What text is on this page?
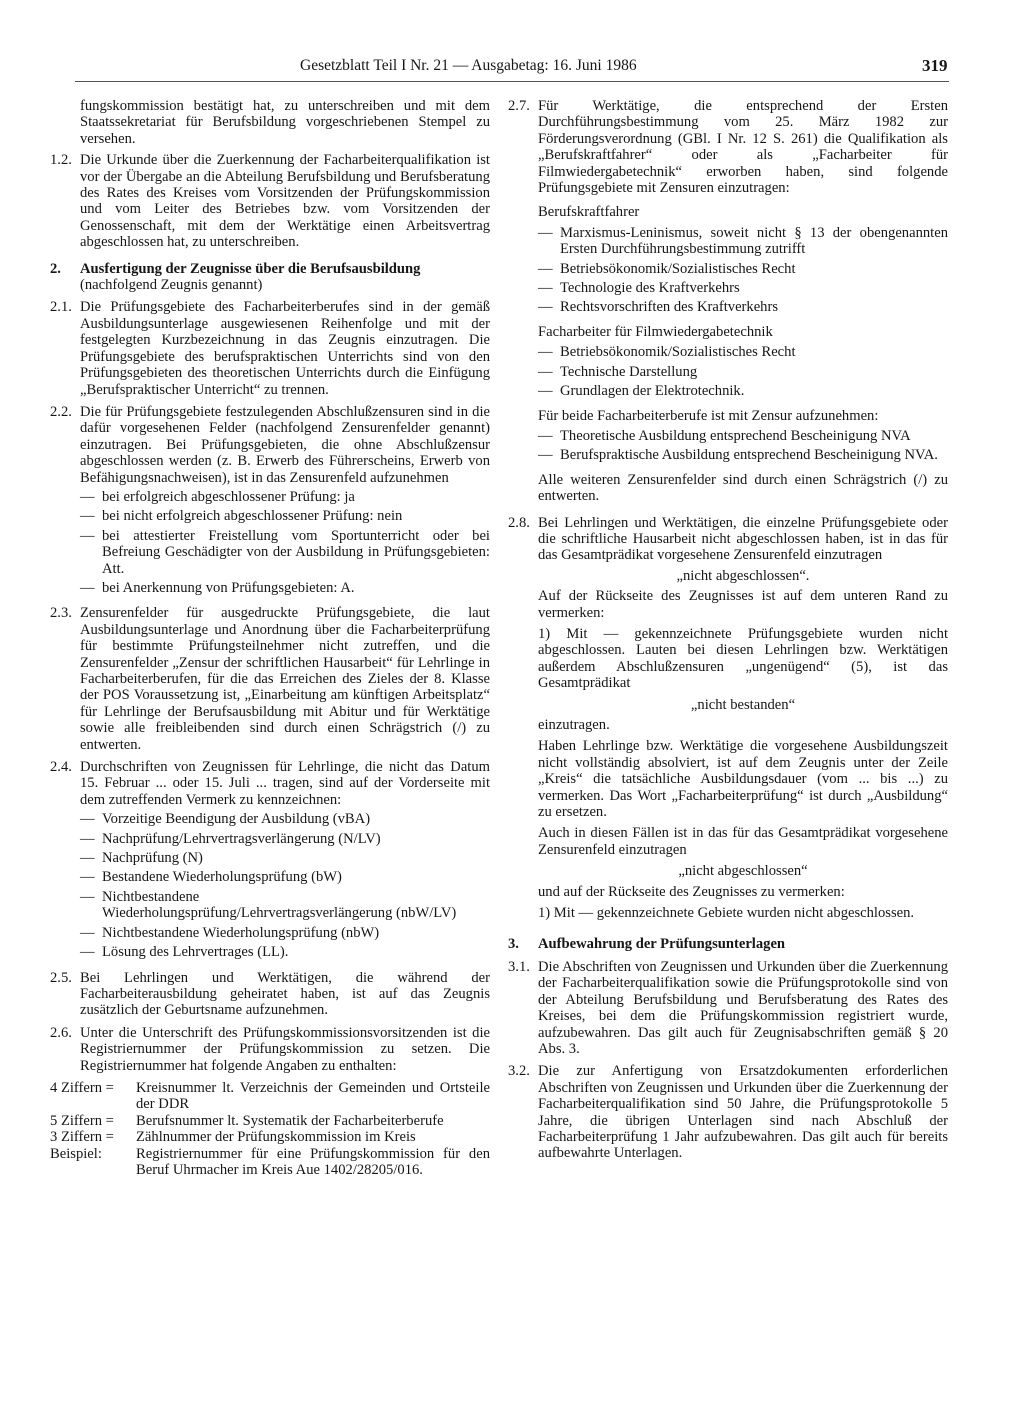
Gesetzblatt Teil I Nr. 21 — Ausgabetag: 16. Juni 1986	319
fungskommission bestätigt hat, zu unterschreiben und mit dem Staatssekretariat für Berufsbildung vorgeschriebenen Stempel zu versehen.
1.2. Die Urkunde über die Zuerkennung der Facharbeiterqualifikation ist vor der Übergabe an die Abteilung Berufsbildung und Berufsberatung des Rates des Kreises vom Vorsitzenden der Prüfungskommission und vom Leiter des Betriebes bzw. vom Vorsitzenden der Genossenschaft, mit dem der Werktätige einen Arbeitsvertrag abgeschlossen hat, zu unterschreiben.
2.	Ausfertigung der Zeugnisse über die Berufsausbildung
(nachfolgend Zeugnis genannt)
2.1. Die Prüfungsgebiete des Facharbeiterberufes sind in der gemäß Ausbildungsunterlage ausgewiesenen Reihenfolge und mit der festgelegten Kurzbezeichnung in das Zeugnis einzutragen. Die Prüfungsgebiete des berufspraktischen Unterrichts sind von den Prüfungsgebieten des theoretischen Unterrichts durch die Einfügung „Berufspraktischer Unterricht“ zu trennen.
2.2. Die für Prüfungsgebiete festzulegenden Abschlußzensuren sind in die dafür vorgesehenen Felder (nachfolgend Zensurenfelder genannt) einzutragen. Bei Prüfungsgebieten, die ohne Abschlußzensur abgeschlossen werden (z. B. Erwerb des Führerscheins, Erwerb von Befähigungsnachweisen), ist in das Zensurenfeld aufzunehmen
— bei erfolgreich abgeschlossener Prüfung: ja
— bei nicht erfolgreich abgeschlossener Prüfung: nein
— bei attestierter Freistellung vom Sportunterricht oder bei Befreiung Geschädigter von der Ausbildung in Prüfungsgebieten: Att.
— bei Anerkennung von Prüfungsgebieten: A.
2.3. Zensurenfelder für ausgedruckte Prüfungsgebiete, die laut Ausbildungsunterlage und Anordnung über die Facharbeiterprüfung für bestimmte Prüfungsteilnehmer nicht zutreffen, und die Zensurenfelder „Zensur der schriftlichen Hausarbeit“ für Lehrlinge in Facharbeiterberufen, für die das Erreichen des Zieles der 8. Klasse der POS Voraussetzung ist, „Einarbeitung am künftigen Arbeitsplatz“ für Lehrlinge der Berufsausbildung mit Abitur und für Werktätige sowie alle freibleibenden sind durch einen Schrägstrich (/) zu entwerten.
2.4. Durchschriften von Zeugnissen für Lehrlinge, die nicht das Datum 15. Februar ... oder 15. Juli ... tragen, sind auf der Vorderseite mit dem zutreffenden Vermerk zu kennzeichnen:
— Vorzeitige Beendigung der Ausbildung (vBA)
— Nachprüfung/Lehrvertragsverlängerung (N/LV)
— Nachprüfung (N)
— Bestandene Wiederholungsprüfung (bW)
— Nichtbestandene Wiederholungsprüfung/Lehrvertragsverlängerung (nbW/LV)
— Nichtbestandene Wiederholungsprüfung (nbW)
— Lösung des Lehrvertrages (LL).
2.5. Bei Lehrlingen und Werktätigen, die während der Facharbeiterausbildung geheiratet haben, ist auf das Zeugnis zusätzlich der Geburtsname aufzunehmen.
2.6. Unter die Unterschrift des Prüfungskommissionsvorsitzenden ist die Registriernummer der Prüfungskommission zu setzen. Die Registriernummer hat folgende Angaben zu enthalten:
4 Ziffern =	Kreisnummer lt. Verzeichnis der Gemeinden und Ortsteile der DDR
5 Ziffern =	Berufsnummer lt. Systematik der Facharbeiterberufe
3 Ziffern =	Zählnummer der Prüfungskommission im Kreis
Beispiel:	Registriernummer für eine Prüfungskommission für den Beruf Uhrmacher im Kreis Aue 1402/28205/016.
2.7. Für Werktätige, die entsprechend der Ersten Durchführungsbestimmung vom 25. März 1982 zur Förderungsverordnung (GBl. I Nr. 12 S. 261) die Qualifikation als „Berufskraftfahrer“ oder als „Facharbeiter für Filmwiedergabetechnik“ erworben haben, sind folgende Prüfungsgebiete mit Zensuren einzutragen:
Berufskraftfahrer
— Marxismus-Leninismus, soweit nicht § 13 der obengenannten Ersten Durchführungsbestimmung zutrifft
— Betriebsökonomik/Sozialistisches Recht
— Technologie des Kraftverkehrs
— Rechtsvorschriften des Kraftverkehrs
Facharbeiter für Filmwiedergabetechnik
— Betriebsökonomik/Sozialistisches Recht
— Technische Darstellung
— Grundlagen der Elektrotechnik.
Für beide Facharbeiterberufe ist mit Zensur aufzunehmen:
— Theoretische Ausbildung entsprechend Bescheinigung NVA
— Berufspraktische Ausbildung entsprechend Bescheinigung NVA.
Alle weiteren Zensurenfelder sind durch einen Schrägstrich (/) zu entwerten.
2.8. Bei Lehrlingen und Werktätigen, die einzelne Prüfungsgebiete oder die schriftliche Hausarbeit nicht abgeschlossen haben, ist in das für das Gesamtprädikat vorgesehene Zensurenfeld einzutragen
„nicht abgeschlossen“.
Auf der Rückseite des Zeugnisses ist auf dem unteren Rand zu vermerken:
1) Mit — gekennzeichnete Prüfungsgebiete wurden nicht abgeschlossen. Lauten bei diesen Lehrlingen bzw. Werktätigen außerdem Abschlußzensuren „ungenügend“ (5), ist das Gesamtprädikat
„nicht bestanden“
einzutragen.
Haben Lehrlinge bzw. Werktätige die vorgesehene Ausbildungszeit nicht vollständig absolviert, ist auf dem Zeugnis unter der Zeile „Kreis“ die tatsächliche Ausbildungsdauer (vom ... bis ...) zu vermerken. Das Wort „Facharbeiterprüfung“ ist durch „Ausbildung“ zu ersetzen.
Auch in diesen Fällen ist in das für das Gesamtprädikat vorgesehene Zensurenfeld einzutragen
„nicht abgeschlossen“
und auf der Rückseite des Zeugnisses zu vermerken:
1) Mit — gekennzeichnete Gebiete wurden nicht abgeschlossen.
3.	Aufbewahrung der Prüfungsunterlagen
3.1. Die Abschriften von Zeugnissen und Urkunden über die Zuerkennung der Facharbeiterqualifikation sowie die Prüfungsprotokolle sind von der Abteilung Berufsbildung und Berufsberatung des Rates des Kreises, bei dem die Prüfungskommission registriert wurde, aufzubewahren. Das gilt auch für Zeugnisabschriften gemäß § 20 Abs. 3.
3.2. Die zur Anfertigung von Ersatzdokumenten erforderlichen Abschriften von Zeugnissen und Urkunden über die Zuerkennung der Facharbeiterqualifikation sind 50 Jahre, die Prüfungsprotokolle 5 Jahre, die übrigen Unterlagen sind nach Abschluß der Facharbeiterprüfung 1 Jahr aufzubewahren. Das gilt auch für bereits aufbewahrte Unterlagen.
